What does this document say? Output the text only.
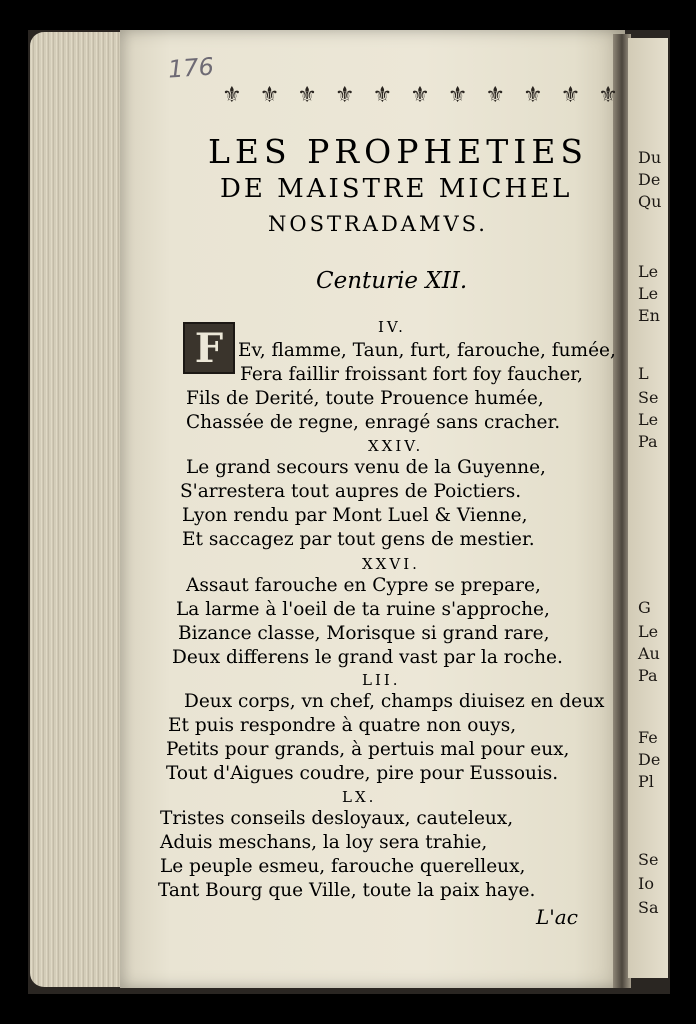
Du
De
Qu
Le
Le
En
L
Se
Le
Pa
G
Le
Au
Pa
Fe
De
Pl
Se
Io
Sa
176
⚜ ⚜ ⚜ ⚜ ⚜ ⚜ ⚜ ⚜ ⚜ ⚜ ⚜
LES PROPHETIES
DE MAISTRE MICHEL
NOSTRADAMVS.
Centurie XII.
F	IV.
Ev, flamme, Taun, furt, farouche, fumée,
Fera faillir froissant fort foy faucher,
Fils de Derité, toute Prouence humée,
Chassée de regne, enragé sans cracher.
XXIV.
Le grand secours venu de la Guyenne,
S'arrestera tout aupres de Poictiers.
Lyon rendu par Mont Luel & Vienne,
Et saccagez par tout gens de mestier.
XXVI.
Assaut farouche en Cypre se prepare,
La larme à l'oeil de ta ruine s'approche,
Bizance classe, Morisque si grand rare,
Deux differens le grand vast par la roche.
LII.
Deux corps, vn chef, champs diuisez en deux
Et puis respondre à quatre non ouys,
Petits pour grands, à pertuis mal pour eux,
Tout d'Aigues coudre, pire pour Eussouis.
LX.
Tristes conseils desloyaux, cauteleux,
Aduis meschans, la loy sera trahie,
Le peuple esmeu, farouche querelleux,
Tant Bourg que Ville, toute la paix haye.
L'ac
